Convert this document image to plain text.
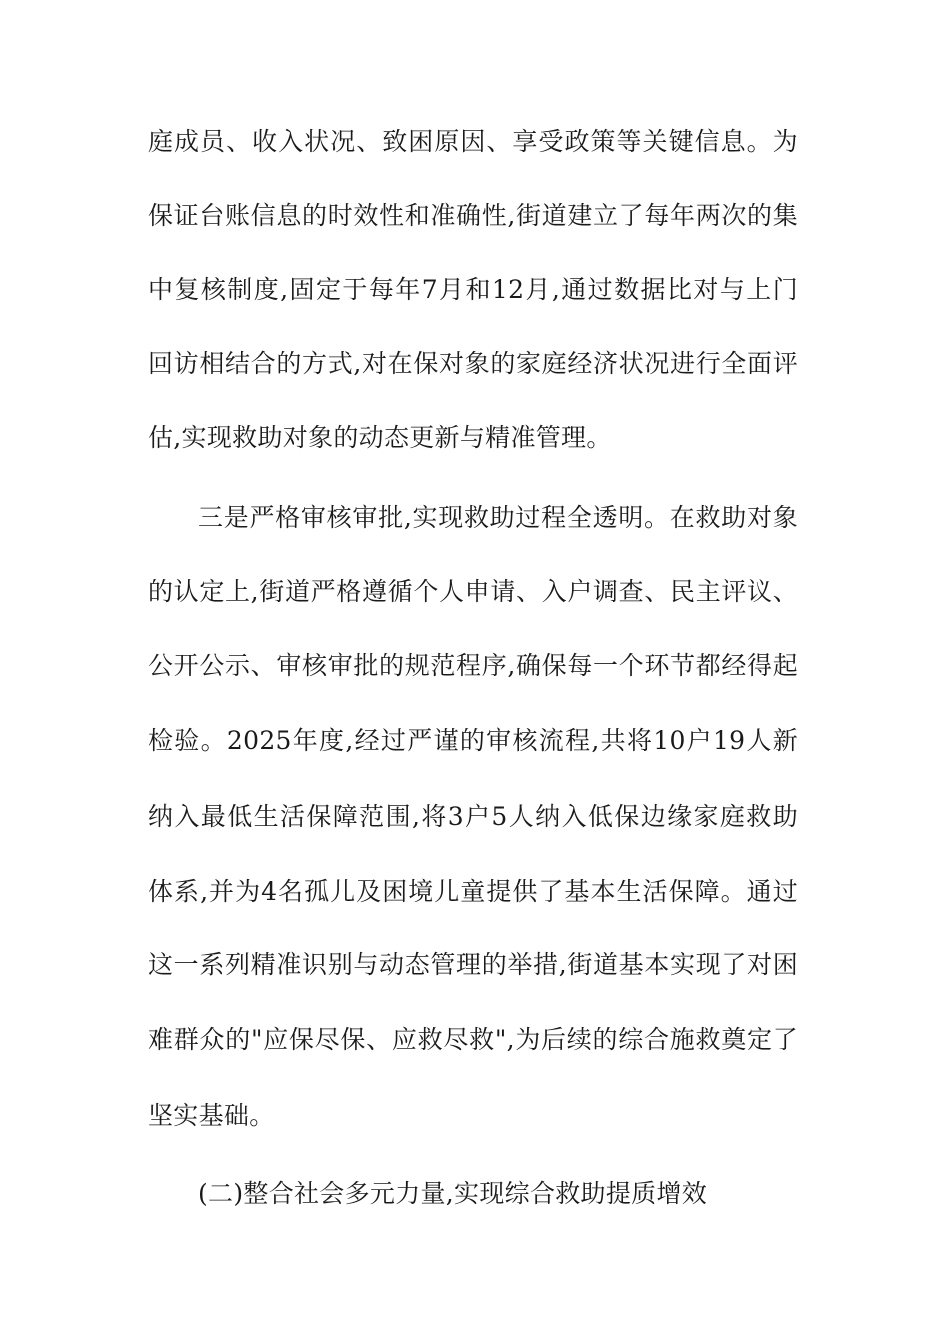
庭成员、收入状况、致困原因、享受政策等关键信息。为
保证台账信息的时效性和准确性,街道建立了每年两次的集
中复核制度,固定于每年7月和12月,通过数据比对与上门
回访相结合的方式,对在保对象的家庭经济状况进行全面评
估,实现救助对象的动态更新与精准管理。
三是严格审核审批,实现救助过程全透明。在救助对象
的认定上,街道严格遵循个人申请、入户调查、民主评议、
公开公示、审核审批的规范程序,确保每一个环节都经得起
检验。2025年度,经过严谨的审核流程,共将10户19人新
纳入最低生活保障范围,将3户5人纳入低保边缘家庭救助
体系,并为4名孤儿及困境儿童提供了基本生活保障。通过
这一系列精准识别与动态管理的举措,街道基本实现了对困
难群众的"应保尽保、应救尽救",为后续的综合施救奠定了
坚实基础。
(二)整合社会多元力量,实现综合救助提质增效
